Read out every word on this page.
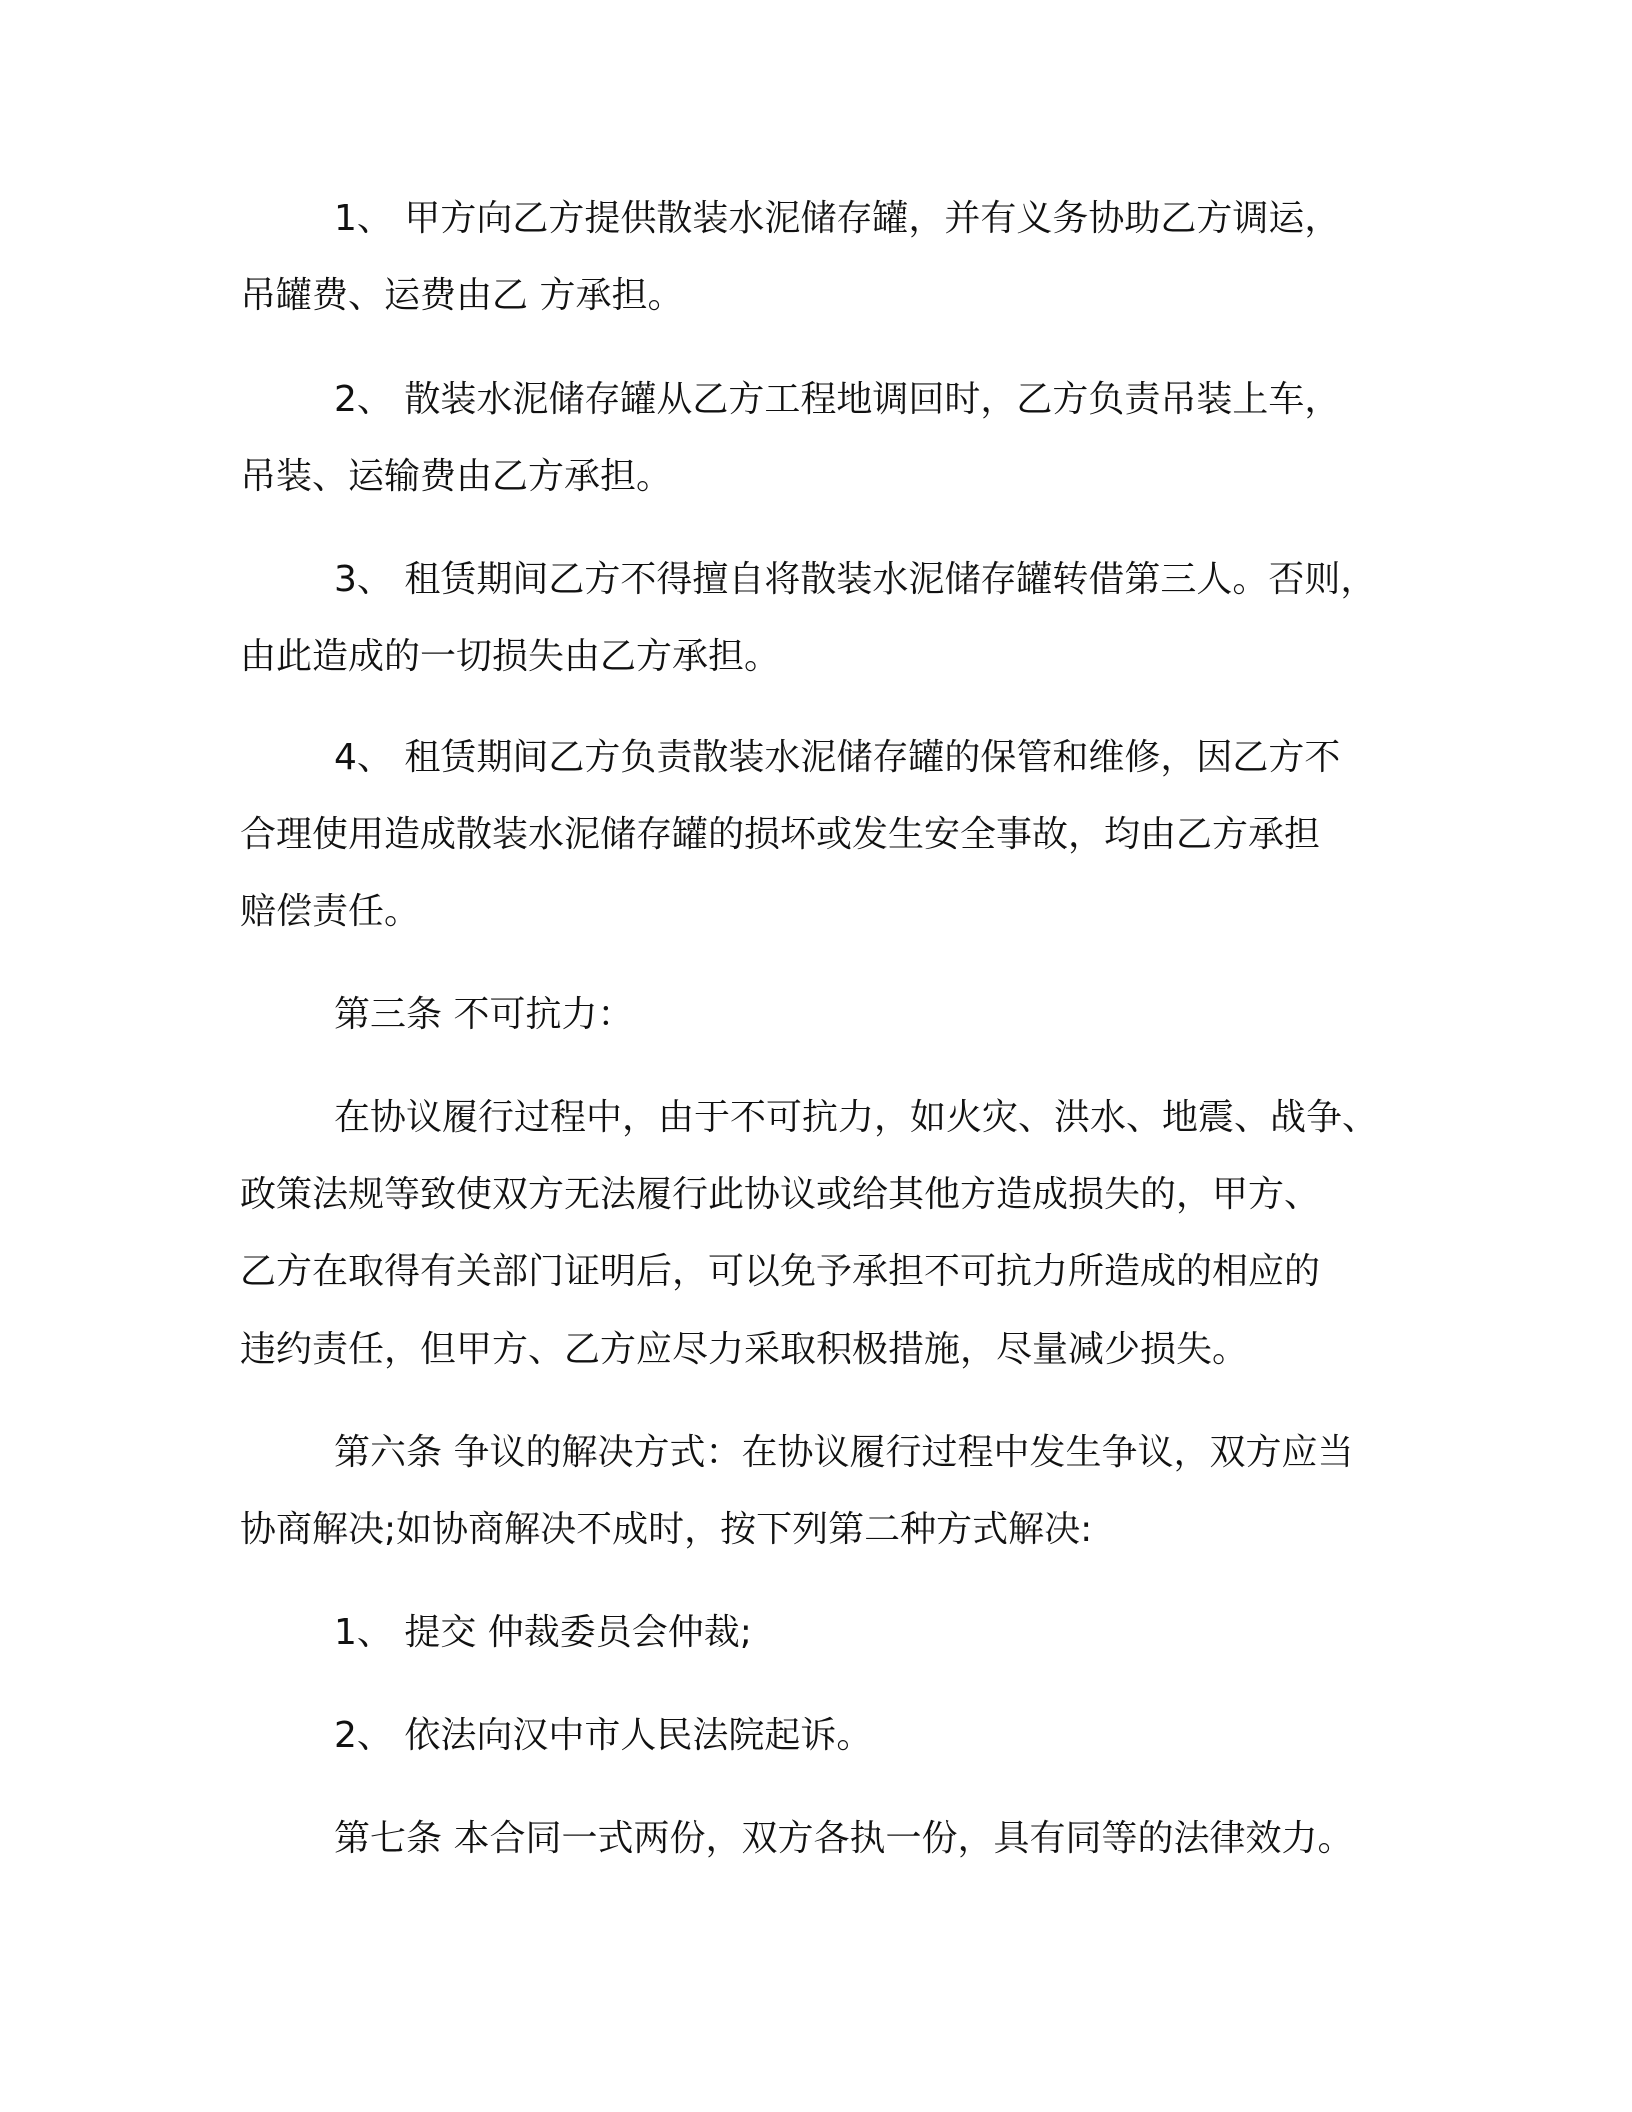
1、 甲方向乙方提供散装水泥储存罐，并有义务协助乙方调运，
吊罐费、运费由乙 方承担。
2、 散装水泥储存罐从乙方工程地调回时，乙方负责吊装上车，
吊装、运输费由乙方承担。
3、 租赁期间乙方不得擅自将散装水泥储存罐转借第三人。否则，
由此造成的一切损失由乙方承担。
4、 租赁期间乙方负责散装水泥储存罐的保管和维修，因乙方不
合理使用造成散装水泥储存罐的损坏或发生安全事故，均由乙方承担
赔偿责任。
第三条 不可抗力：
在协议履行过程中，由于不可抗力，如火灾、洪水、地震、战争、
政策法规等致使双方无法履行此协议或给其他方造成损失的，甲方、
乙方在取得有关部门证明后，可以免予承担不可抗力所造成的相应的
违约责任，但甲方、乙方应尽力采取积极措施，尽量减少损失。
第六条 争议的解决方式：在协议履行过程中发生争议，双方应当
协商解决;如协商解决不成时，按下列第二种方式解决:
1、 提交 仲裁委员会仲裁;
2、 依法向汉中市人民法院起诉。
第七条 本合同一式两份，双方各执一份，具有同等的法律效力。
